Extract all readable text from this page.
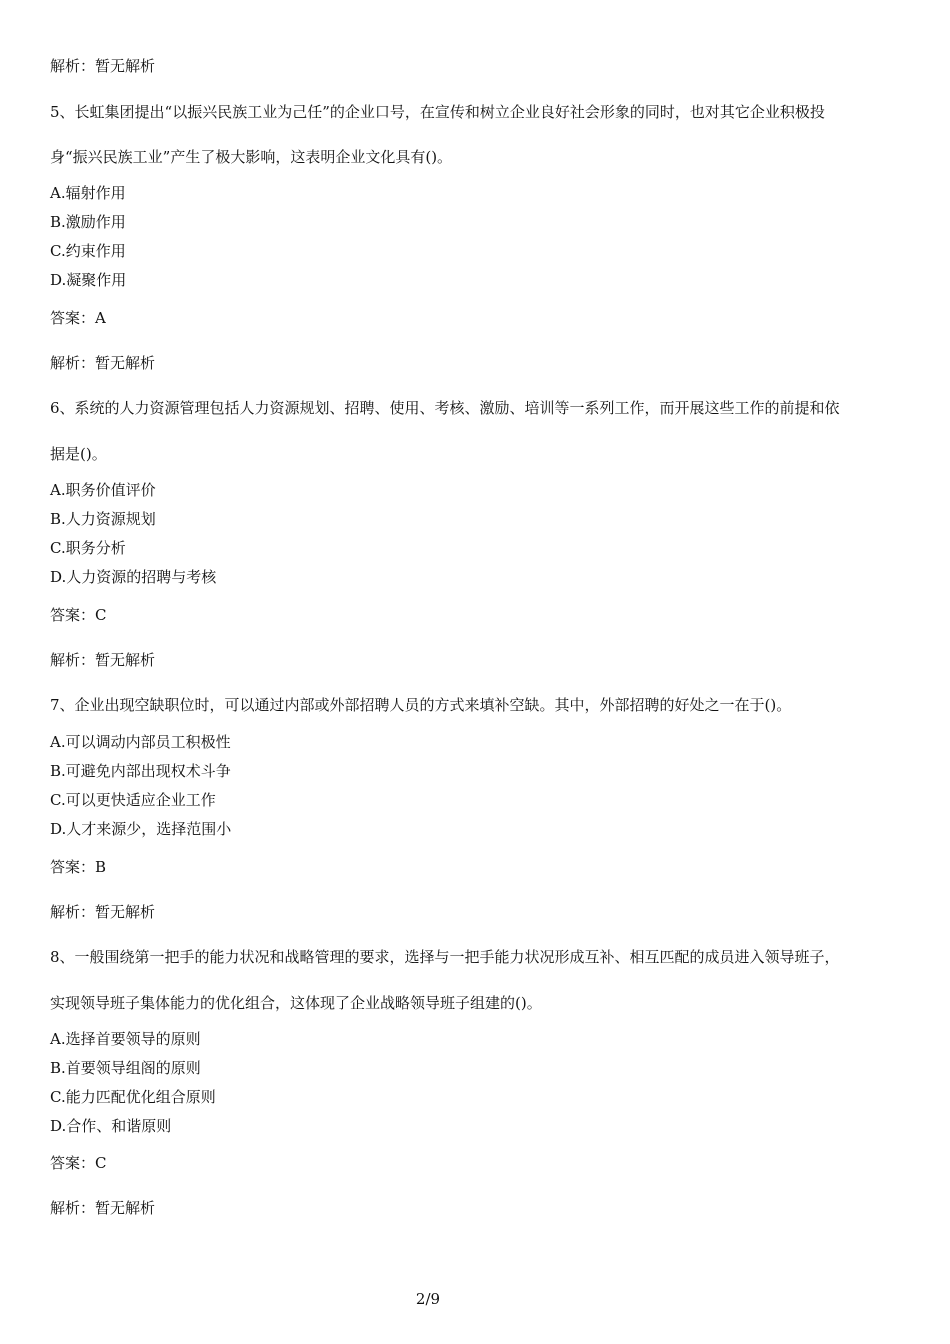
解析：暂无解析
5、长虹集团提出“以振兴民族工业为己任”的企业口号，在宣传和树立企业良好社会形象的同时，也对其它企业积极投
身“振兴民族工业”产生了极大影响，这表明企业文化具有()。
A.辐射作用
B.激励作用
C.约束作用
D.凝聚作用
答案：A
解析：暂无解析
6、系统的人力资源管理包括人力资源规划、招聘、使用、考核、激励、培训等一系列工作，而开展这些工作的前提和依
据是()。
A.职务价值评价
B.人力资源规划
C.职务分析
D.人力资源的招聘与考核
答案：C
解析：暂无解析
7、企业出现空缺职位时，可以通过内部或外部招聘人员的方式来填补空缺。其中，外部招聘的好处之一在于()。
A.可以调动内部员工积极性
B.可避免内部出现权术斗争
C.可以更快适应企业工作
D.人才来源少，选择范围小
答案：B
解析：暂无解析
8、一般围绕第一把手的能力状况和战略管理的要求，选择与一把手能力状况形成互补、相互匹配的成员进入领导班子，
实现领导班子集体能力的优化组合，这体现了企业战略领导班子组建的()。
A.选择首要领导的原则
B.首要领导组阁的原则
C.能力匹配优化组合原则
D.合作、和谐原则
答案：C
解析：暂无解析
2/9
